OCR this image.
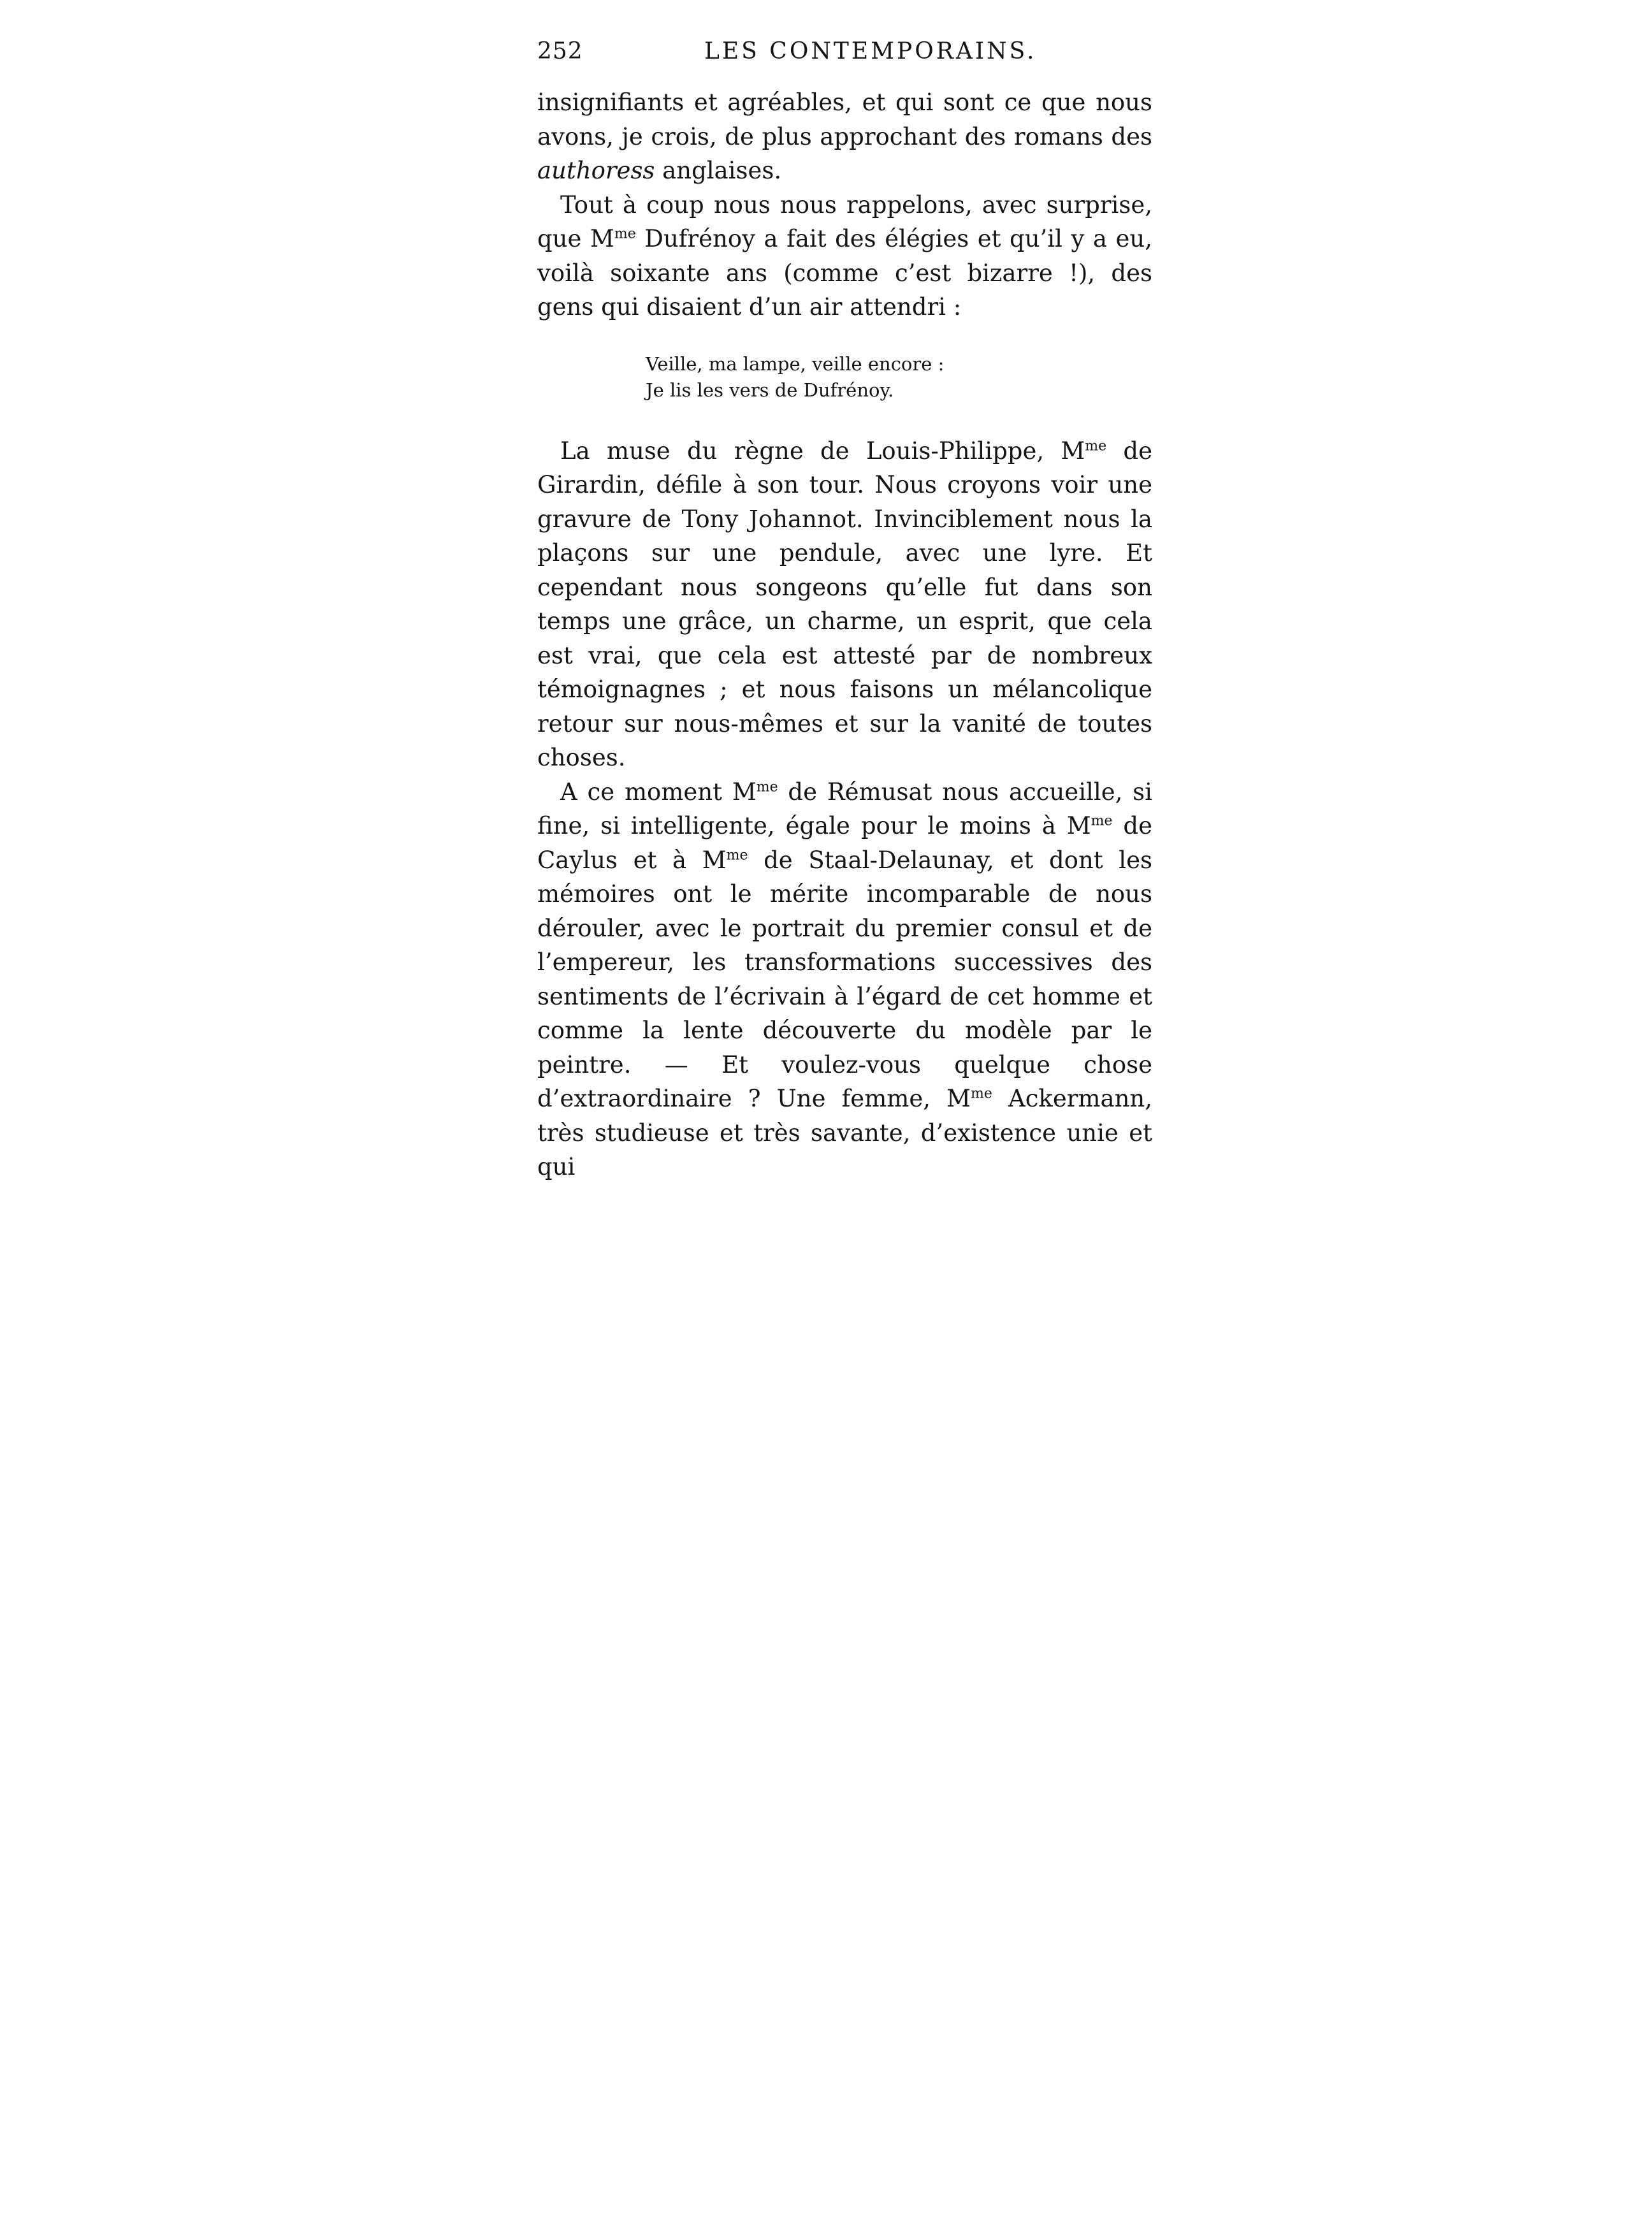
252	LES CONTEMPORAINS.

insignifiants et agréables, et qui sont ce que nous avons, je crois, de plus approchant des romans des authoress anglaises.

Tout à coup nous nous rappelons, avec surprise, que $M^{me}$ Dufrénoy a fait des élégies et qu’il y a eu, voilà soixante ans (comme c’est bizarre !), des gens qui disaient d’un air attendri :

Veille, ma lampe, veille encore :
Je lis les vers de Dufrénoy.

La muse du règne de Louis-Philippe, $M^{me}$ de Girardin, défile à son tour. Nous croyons voir une gravure de Tony Johannot. Invinciblement nous la plaçons sur une pendule, avec une lyre. Et cependant nous songeons qu’elle fut dans son temps une grâce, un charme, un esprit, que cela est vrai, que cela est attesté par de nombreux témoignagnes ; et nous faisons un mélancolique retour sur nous-mêmes et sur la vanité de toutes choses.

A ce moment $M^{me}$ de Rémusat nous accueille, si fine, si intelligente, égale pour le moins à $M^{me}$ de Caylus et à $M^{me}$ de Staal-Delaunay, et dont les mémoires ont le mérite incomparable de nous dérouler, avec le portrait du premier consul et de l’empereur, les transformations successives des sentiments de l’écrivain à l’égard de cet homme et comme la lente découverte du modèle par le peintre. — Et voulez-vous quelque chose d’extraordinaire ? Une femme, $M^{me}$ Ackermann, très studieuse et très savante, d’existence unie et qui
